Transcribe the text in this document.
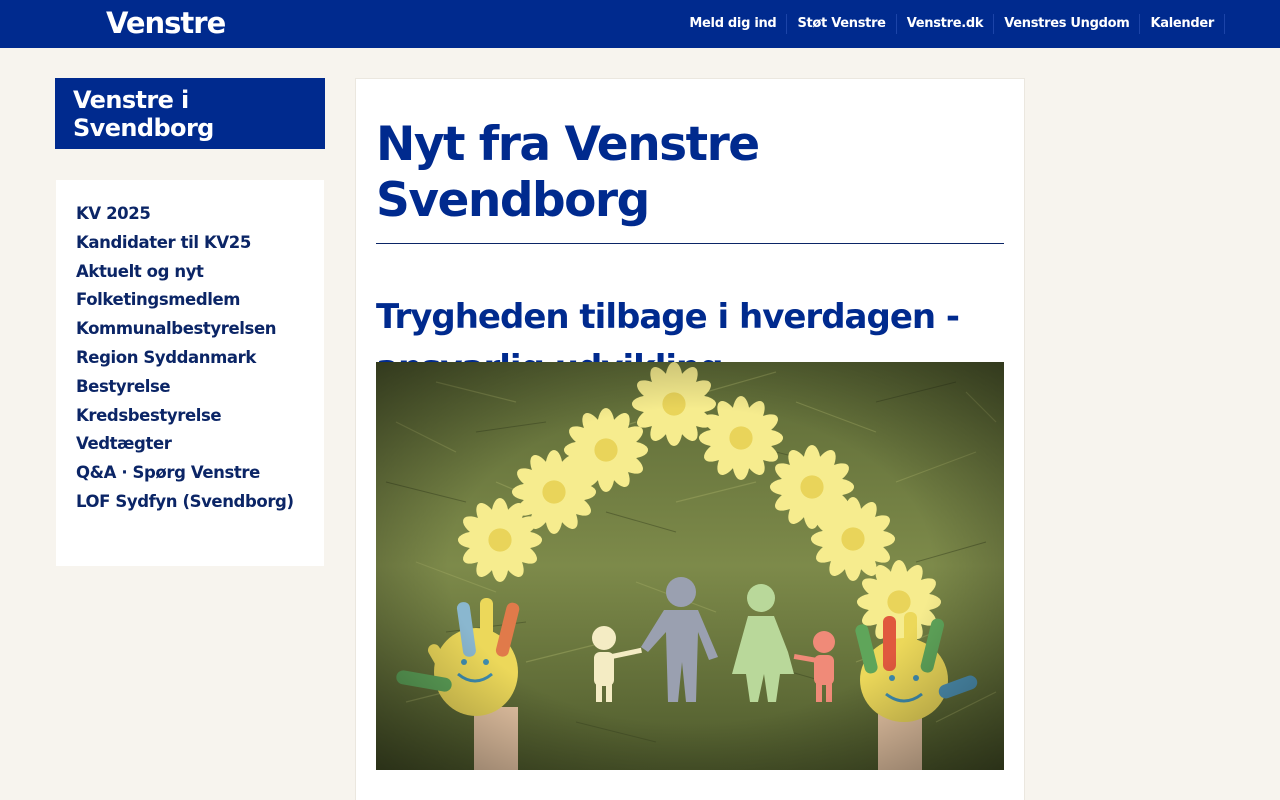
Venstre	Meld dig ind	Støt Venstre	Venstre.dk	Venstres Ungdom	Kalender
Venstre i Svendborg
KV 2025
Kandidater til KV25
Aktuelt og nyt
Folketingsmedlem
Kommunalbestyrelsen
Region Syddanmark
Bestyrelse
Kredsbestyrelse
Vedtægter
Q&A · Spørg Venstre
LOF Sydfyn (Svendborg)
Nyt fra Venstre Svendborg
Trygheden tilbage i hverdagen -
